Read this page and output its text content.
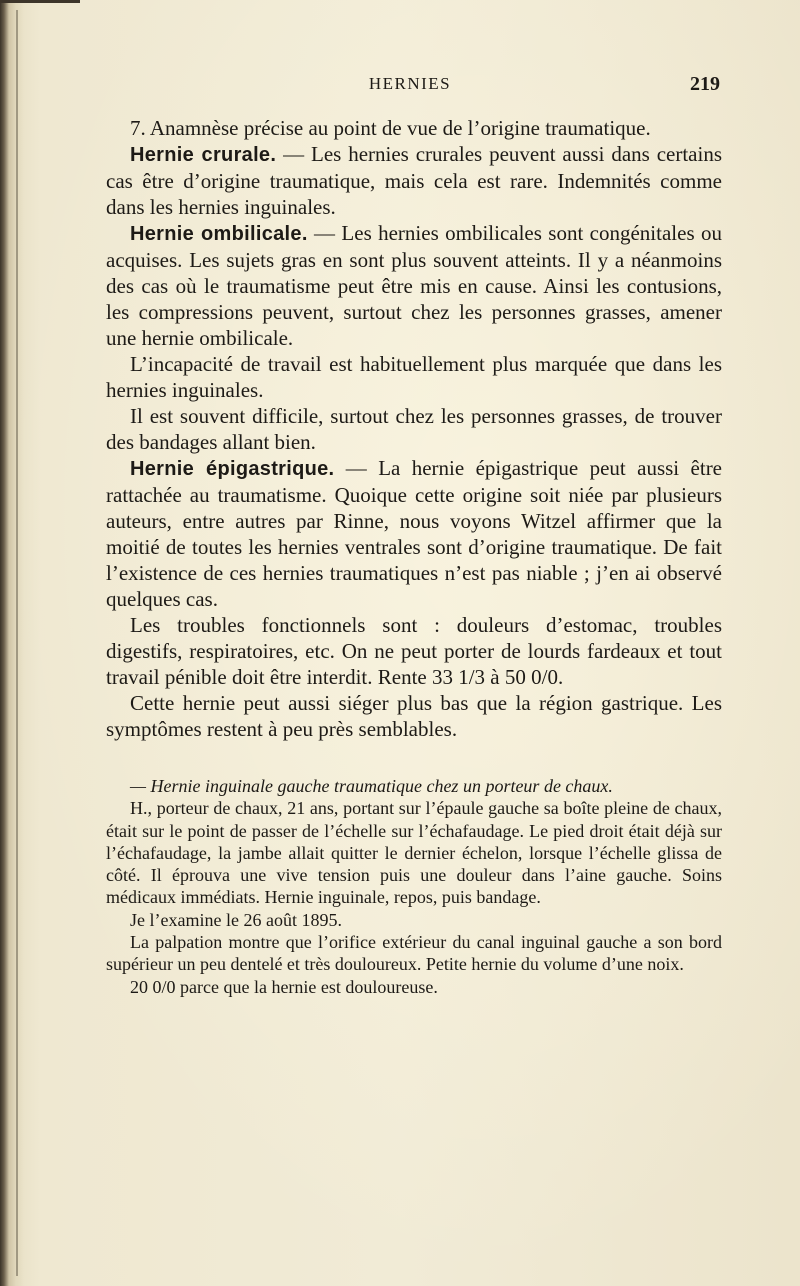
HERNIES	219

7. Anamnèse précise au point de vue de l’origine traumatique.

Hernie crurale. — Les hernies crurales peuvent aussi dans certains cas être d’origine traumatique, mais cela est rare. Indemnités comme dans les hernies inguinales.

Hernie ombilicale. — Les hernies ombilicales sont congénitales ou acquises. Les sujets gras en sont plus souvent atteints. Il y a néanmoins des cas où le traumatisme peut être mis en cause. Ainsi les contusions, les compressions peuvent, surtout chez les personnes grasses, amener une hernie ombilicale.

L’incapacité de travail est habituellement plus marquée que dans les hernies inguinales.

Il est souvent difficile, surtout chez les personnes grasses, de trouver des bandages allant bien.

Hernie épigastrique. — La hernie épigastrique peut aussi être rattachée au traumatisme. Quoique cette origine soit niée par plusieurs auteurs, entre autres par Rinne, nous voyons Witzel affirmer que la moitié de toutes les hernies ventrales sont d’origine traumatique. De fait l’existence de ces hernies traumatiques n’est pas niable ; j’en ai observé quelques cas.

Les troubles fonctionnels sont : douleurs d’estomac, troubles digestifs, respiratoires, etc. On ne peut porter de lourds fardeaux et tout travail pénible doit être interdit. Rente 33 1/3 à 50 0/0.

Cette hernie peut aussi siéger plus bas que la région gastrique. Les symptômes restent à peu près semblables.

— Hernie inguinale gauche traumatique chez un porteur de chaux.

H., porteur de chaux, 21 ans, portant sur l’épaule gauche sa boîte pleine de chaux, était sur le point de passer de l’échelle sur l’échafaudage. Le pied droit était déjà sur l’échafaudage, la jambe allait quitter le dernier échelon, lorsque l’échelle glissa de côté. Il éprouva une vive tension puis une douleur dans l’aine gauche. Soins médicaux immédiats. Hernie inguinale, repos, puis bandage.

Je l’examine le 26 août 1895.

La palpation montre que l’orifice extérieur du canal inguinal gauche a son bord supérieur un peu dentelé et très douloureux. Petite hernie du volume d’une noix.

20 0/0 parce que la hernie est douloureuse.
